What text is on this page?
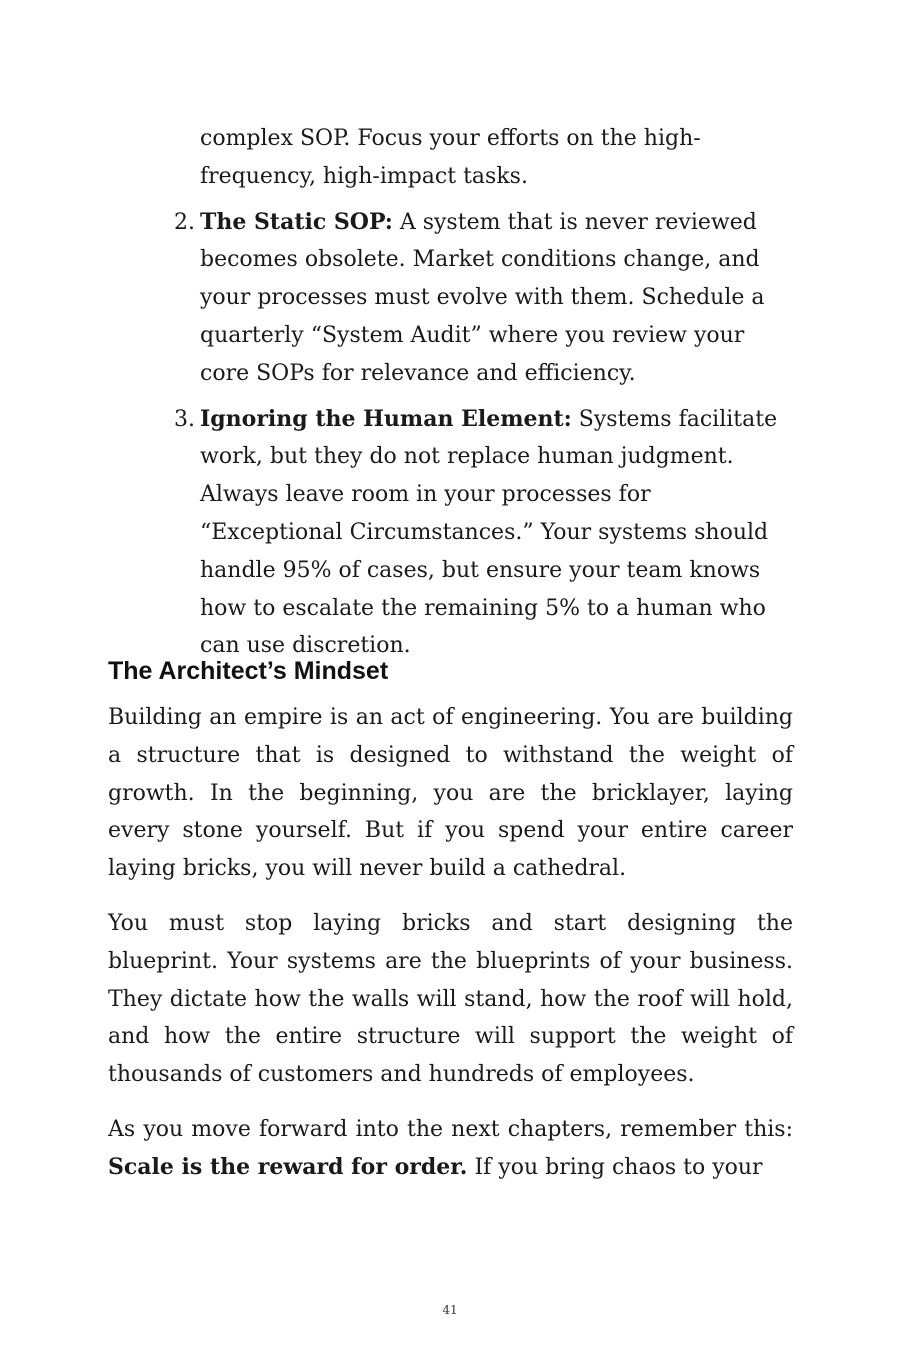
complex SOP. Focus your efforts on the high-frequency, high-impact tasks.

2. The Static SOP: A system that is never reviewed becomes obsolete. Market conditions change, and your processes must evolve with them. Schedule a quarterly “System Audit” where you review your core SOPs for relevance and efficiency.

3. Ignoring the Human Element: Systems facilitate work, but they do not replace human judgment. Always leave room in your processes for “Exceptional Circumstances.” Your systems should handle 95% of cases, but ensure your team knows how to escalate the remaining 5% to a human who can use discretion.

The Architect’s Mindset

Building an empire is an act of engineering. You are building a structure that is designed to withstand the weight of growth. In the beginning, you are the bricklayer, laying every stone yourself. But if you spend your entire career laying bricks, you will never build a cathedral.

You must stop laying bricks and start designing the blueprint. Your systems are the blueprints of your business. They dictate how the walls will stand, how the roof will hold, and how the entire structure will support the weight of thousands of customers and hundreds of employees.

As you move forward into the next chapters, remember this: Scale is the reward for order. If you bring chaos to your

41
